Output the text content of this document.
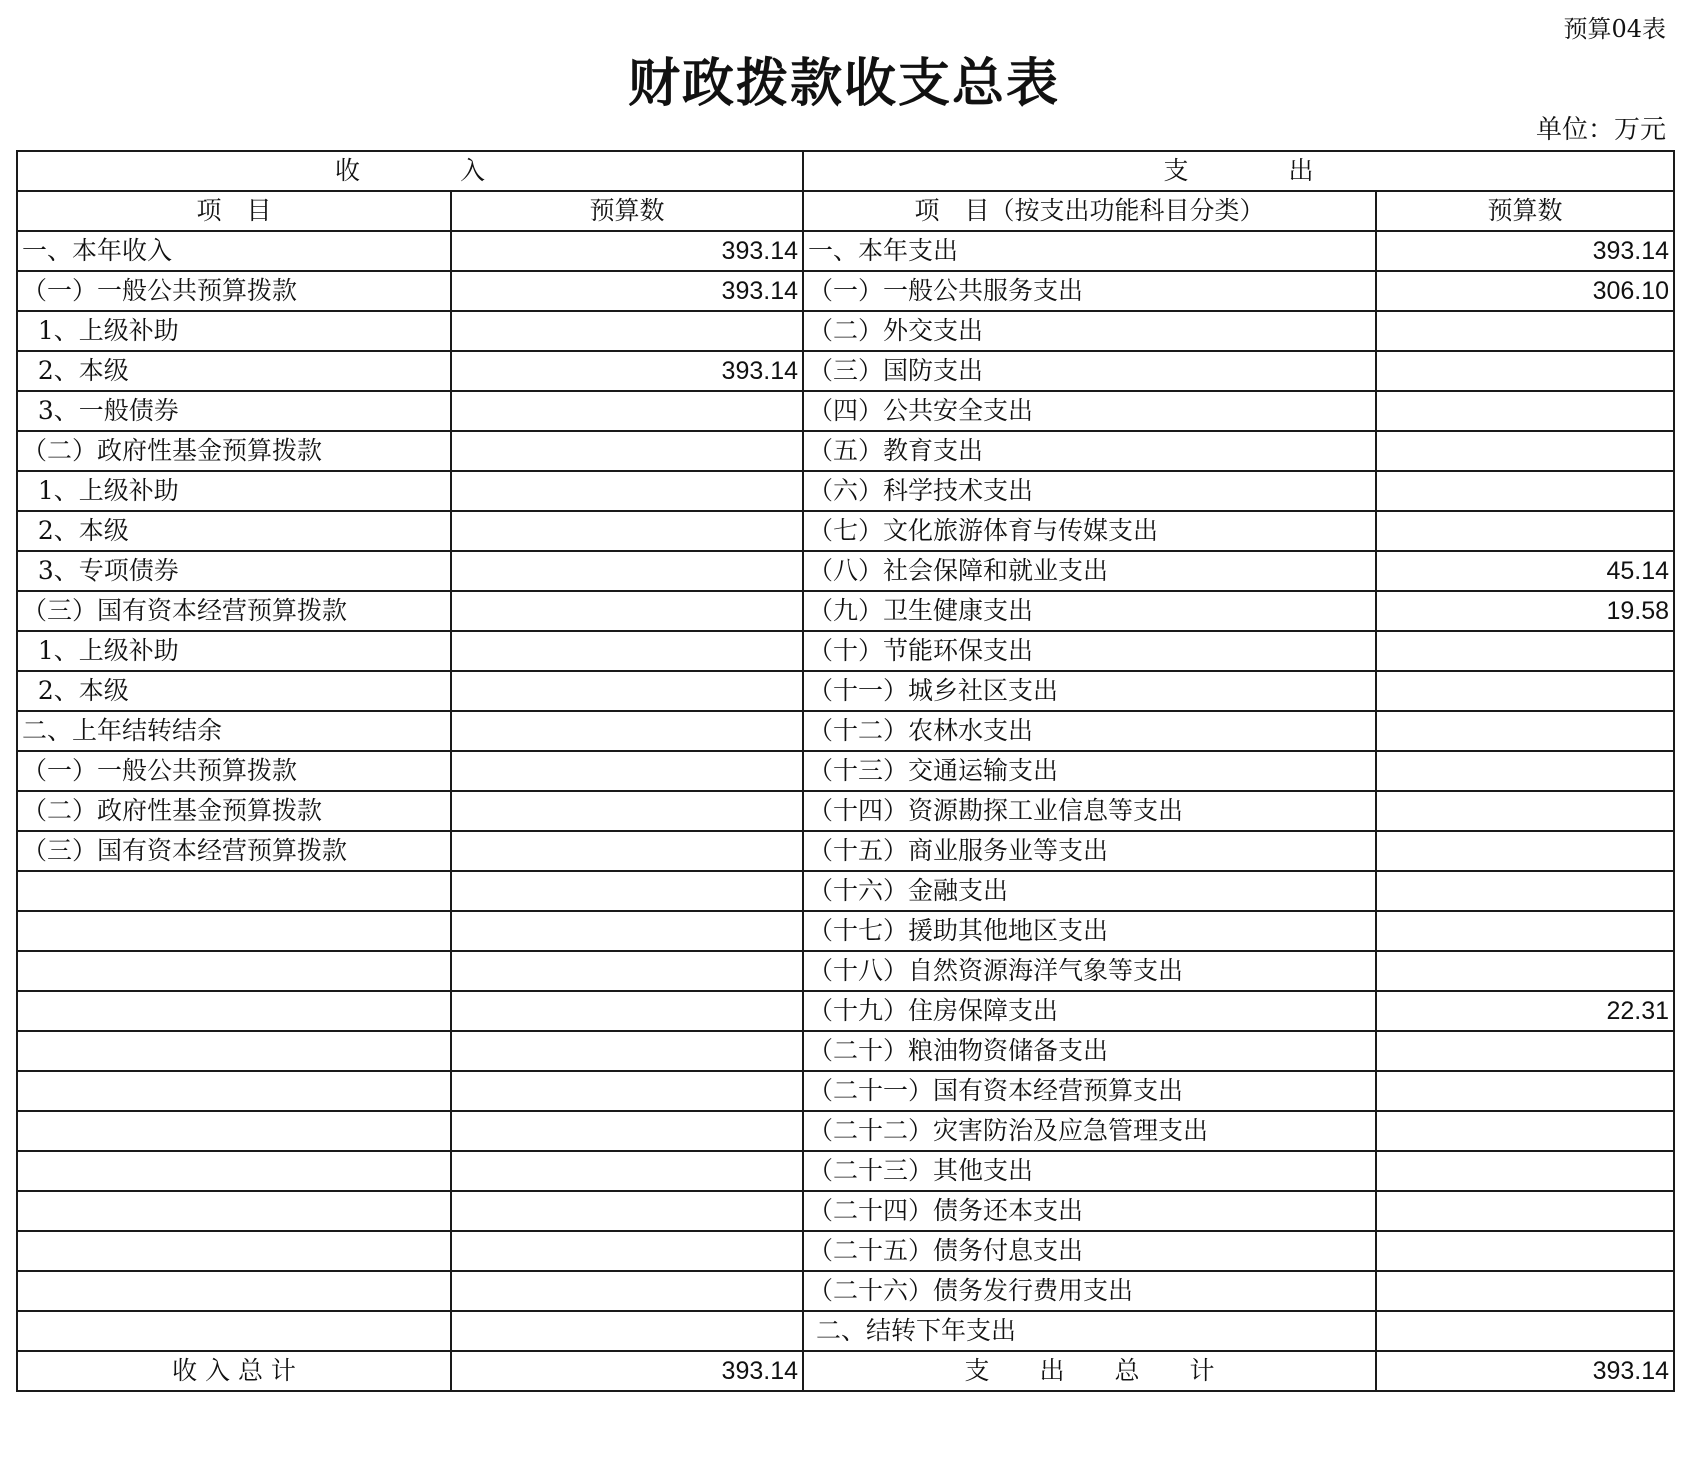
预算04表
财政拨款收支总表
单位：万元
收　　　　入		支　　　　出	
项　目	预算数	项　目（按支出功能科目分类）	预算数
一、本年收入	393.14	一、本年支出	393.14
（一）一般公共预算拨款	393.14	（一）一般公共服务支出	306.10
1、上级补助		（二）外交支出	
2、本级	393.14	（三）国防支出	
3、一般债券		（四）公共安全支出	
（二）政府性基金预算拨款		（五）教育支出	
1、上级补助		（六）科学技术支出	
2、本级		（七）文化旅游体育与传媒支出	
3、专项债券		（八）社会保障和就业支出	45.14
（三）国有资本经营预算拨款		（九）卫生健康支出	19.58
1、上级补助		（十）节能环保支出	
2、本级		（十一）城乡社区支出	
二、上年结转结余		（十二）农林水支出	
（一）一般公共预算拨款		（十三）交通运输支出	
（二）政府性基金预算拨款		（十四）资源勘探工业信息等支出	
（三）国有资本经营预算拨款		（十五）商业服务业等支出	
		（十六）金融支出	
		（十七）援助其他地区支出	
		（十八）自然资源海洋气象等支出	
		（十九）住房保障支出	22.31
		（二十）粮油物资储备支出	
		（二十一）国有资本经营预算支出	
		（二十二）灾害防治及应急管理支出	
		（二十三）其他支出	
		（二十四）债务还本支出	
		（二十五）债务付息支出	
		（二十六）债务发行费用支出	
		二、结转下年支出	
收 入 总 计	393.14	支　　出　　总　　计	393.14
